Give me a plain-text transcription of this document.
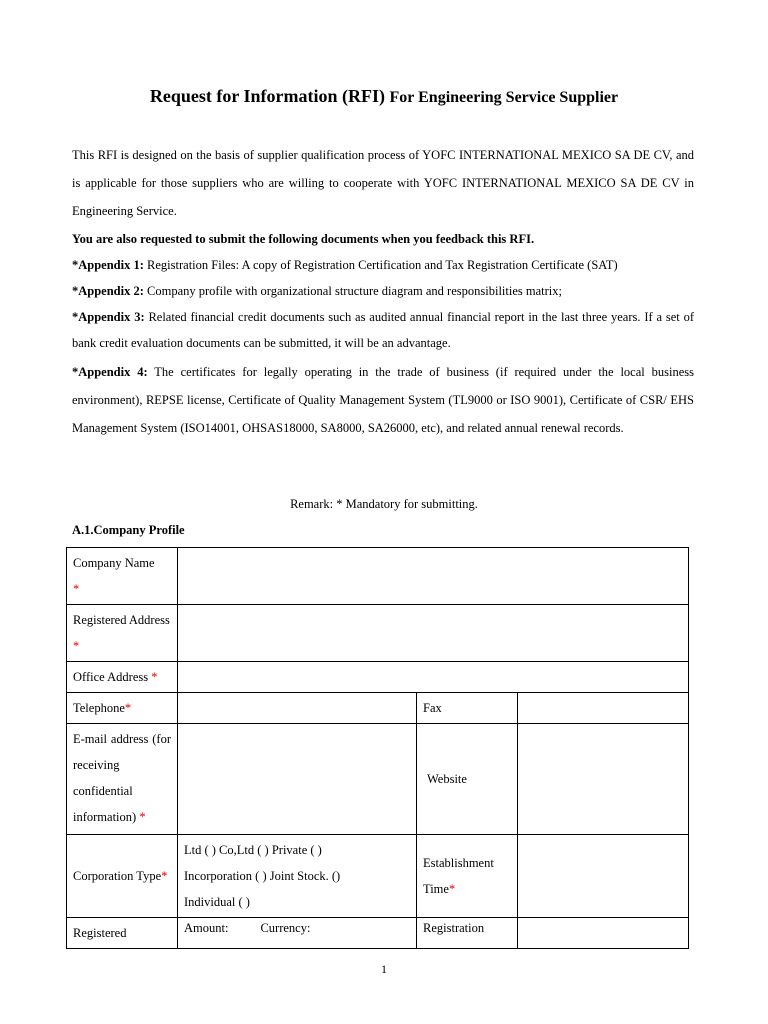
Request for Information (RFI) For Engineering Service Supplier
This RFI is designed on the basis of supplier qualification process of YOFC INTERNATIONAL MEXICO SA DE CV, and is applicable for those suppliers who are willing to cooperate with YOFC INTERNATIONAL MEXICO SA DE CV in Engineering Service.
You are also requested to submit the following documents when you feedback this RFI.
*Appendix 1: Registration Files: A copy of Registration Certification and Tax Registration Certificate (SAT)
*Appendix 2: Company profile with organizational structure diagram and responsibilities matrix;
*Appendix 3: Related financial credit documents such as audited annual financial report in the last three years. If a set of bank credit evaluation documents can be submitted, it will be an advantage.
*Appendix 4: The certificates for legally operating in the trade of business (if required under the local business environment), REPSE license, Certificate of Quality Management System (TL9000 or ISO 9001), Certificate of CSR/ EHS Management System (ISO14001, OHSAS18000, SA8000, SA26000, etc), and related annual renewal records.
Remark: * Mandatory for submitting.
A.1.Company Profile
Company Name
*			
Registered Address *			
Office Address *			
Telephone*		Fax	
E-mail address (for receiving confidential information) *		Website	
Corporation Type*	Ltd ( ) Co,Ltd ( ) Private ( )
Incorporation ( ) Joint Stock. ()
Individual ( )	Establishment Time*	
Registered	Amount: Currency:	Registration	
1
